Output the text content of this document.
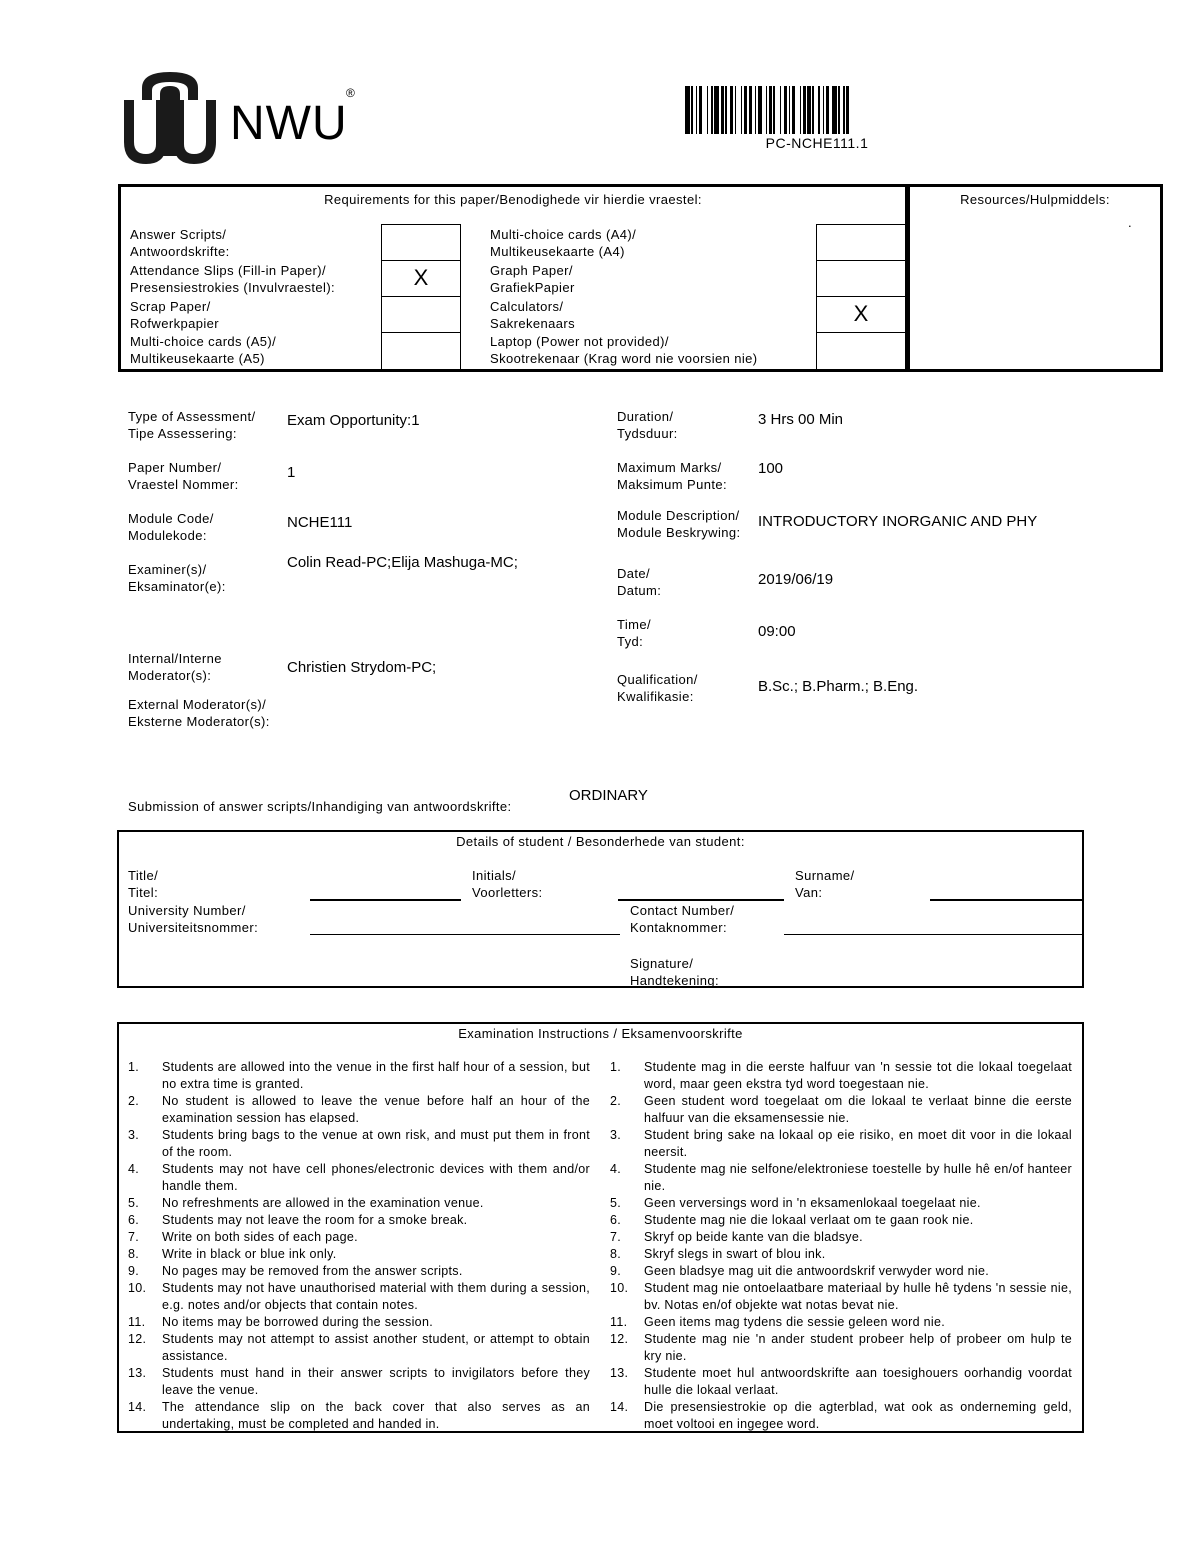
NWU
®
PC-NCHE111.1
Requirements for this paper/Benodighede vir hierdie vraestel:
Answer Scripts/
Antwoordskrifte:
Attendance Slips (Fill-in Paper)/
Presensiestrokies (Invulvraestel):
Scrap Paper/
Rofwerkpapier
Multi-choice cards (A5)/
Multikeusekaarte (A5)
X
Multi-choice cards (A4)/
Multikeusekaarte (A4)
Graph Paper/
GrafiekPapier
Calculators/
Sakrekenaars
Laptop (Power not provided)/
Skootrekenaar (Krag word nie voorsien nie)
X
Resources/Hulpmiddels:
.
Type of Assessment/
Tipe Assessering:
Exam Opportunity:1
Paper Number/
Vraestel Nommer:
1
Module Code/
Modulekode:
NCHE111
Examiner(s)/
Eksaminator(e):
Colin Read-PC;Elija Mashuga-MC;
Internal/Interne
Moderator(s):	Christien Strydom-PC;
External Moderator(s)/
Eksterne Moderator(s):
Duration/
Tydsduur:
3 Hrs 00 Min
Maximum Marks/
Maksimum Punte:
100
Module Description/
Module Beskrywing:
INTRODUCTORY INORGANIC AND PHY
Date/
Datum:
2019/06/19
Time/
Tyd:
09:00
Qualification/
Kwalifikasie:
B.Sc.; B.Pharm.; B.Eng.
Submission of answer scripts/Inhandiging van antwoordskrifte:
ORDINARY
Details of student / Besonderhede van student:
Title/
Titel:
Initials/
Voorletters:
Surname/
Van:
University Number/
Universiteitsnommer:
Contact Number/
Kontaknommer:
Signature/
Handtekening:
Examination Instructions / Eksamenvoorskrifte
1. Students are allowed into the venue in the first half hour of a session, but no extra time is granted.
2. No student is allowed to leave the venue before half an hour of the examination session has elapsed.
3. Students bring bags to the venue at own risk, and must put them in front of the room.
4. Students may not have cell phones/electronic devices with them and/or handle them.
5. No refreshments are allowed in the examination venue.
6. Students may not leave the room for a smoke break.
7. Write on both sides of each page.
8. Write in black or blue ink only.
9. No pages may be removed from the answer scripts.
10. Students may not have unauthorised material with them during a session, e.g. notes and/or objects that contain notes.
11. No items may be borrowed during the session.
12. Students may not attempt to assist another student, or attempt to obtain assistance.
13. Students must hand in their answer scripts to invigilators before they leave the venue.
14. The attendance slip on the back cover that also serves as an undertaking, must be completed and handed in.
1. Studente mag in die eerste halfuur van 'n sessie tot die lokaal toegelaat word, maar geen ekstra tyd word toegestaan nie.
2. Geen student word toegelaat om die lokaal te verlaat binne die eerste halfuur van die eksamensessie nie.
3. Student bring sake na lokaal op eie risiko, en moet dit voor in die lokaal neersit.
4. Studente mag nie selfone/elektroniese toestelle by hulle hê en/of hanteer nie.
5. Geen verversings word in 'n eksamenlokaal toegelaat nie.
6. Studente mag nie die lokaal verlaat om te gaan rook nie.
7. Skryf op beide kante van die bladsye.
8. Skryf slegs in swart of blou ink.
9. Geen bladsye mag uit die antwoordskrif verwyder word nie.
10. Student mag nie ontoelaatbare materiaal by hulle hê tydens 'n sessie nie, bv. Notas en/of objekte wat notas bevat nie.
11. Geen items mag tydens die sessie geleen word nie.
12. Studente mag nie 'n ander student probeer help of probeer om hulp te kry nie.
13. Studente moet hul antwoordskrifte aan toesighouers oorhandig voordat hulle die lokaal verlaat.
14. Die presensiestrokie op die agterblad, wat ook as onderneming geld, moet voltooi en ingegee word.
